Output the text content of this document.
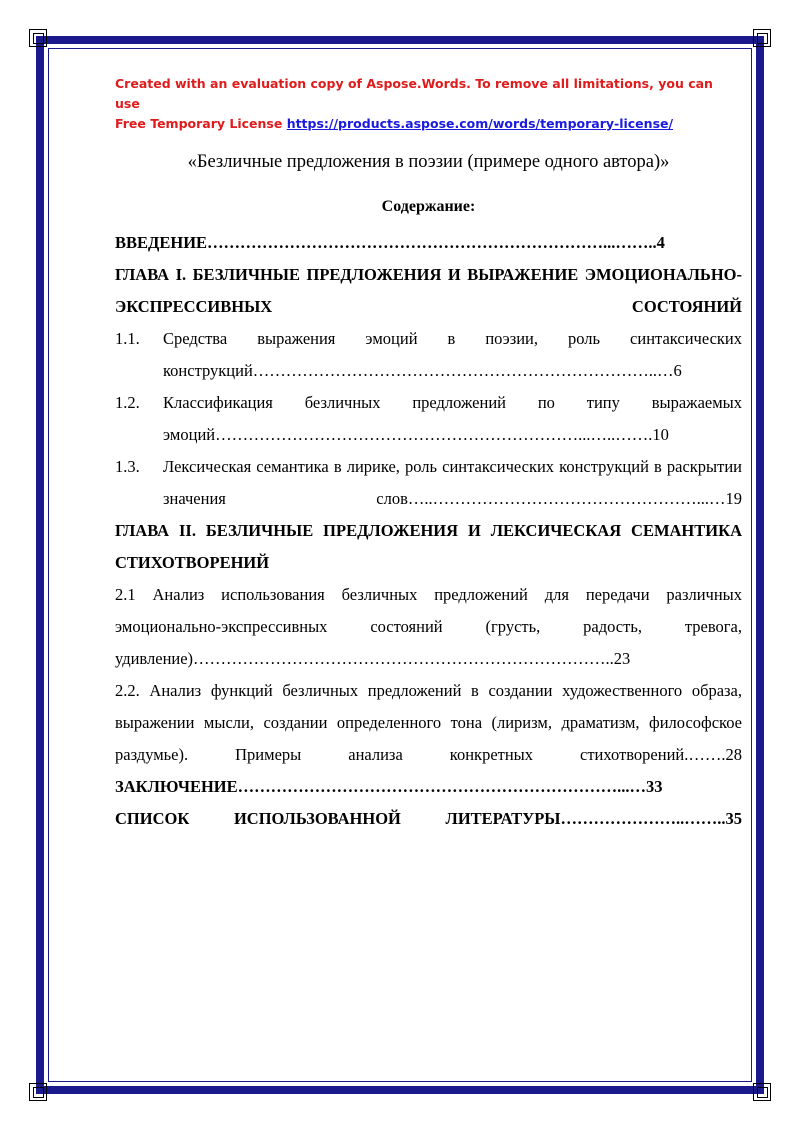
Created with an evaluation copy of Aspose.Words. To remove all limitations, you can use
Free Temporary License https://products.aspose.com/words/temporary-license/
«Безличные предложения в поэзии (примере одного автора)»
Содержание:
ВВЕДЕНИЕ………………………………………………………………...……..4
ГЛАВА I. БЕЗЛИЧНЫЕ ПРЕДЛОЖЕНИЯ И ВЫРАЖЕНИЕ ЭМОЦИОНАЛЬНО-ЭКСПРЕССИВНЫХ СОСТОЯНИЙ
1.1.	Средства выражения эмоций в поэзии, роль синтаксических конструкций………………………………………………………………..…6
1.2.	Классификация безличных предложений по типу выражаемых эмоций…………………………………………………………...…..…….10
1.3.	Лексическая семантика в лирике, роль синтаксических конструкций в раскрытии значения слов…..…………………………………………...…19
ГЛАВА II. БЕЗЛИЧНЫЕ ПРЕДЛОЖЕНИЯ И ЛЕКСИЧЕСКАЯ СЕМАНТИКА СТИХОТВОРЕНИЙ
2.1 Анализ использования безличных предложений для передачи различных эмоционально-экспрессивных состояний (грусть, радость, тревога, удивление)…………………………………………………………………..23
2.2. Анализ функций безличных предложений в создании художественного образа, выражении мысли, создании определенного тона (лиризм, драматизм, философское раздумье). Примеры анализа конкретных стихотворений.…….28
ЗАКЛЮЧЕНИЕ……………………………………………………………...…33
СПИСОК ИСПОЛЬЗОВАННОЙ ЛИТЕРАТУРЫ…………………..……..35
